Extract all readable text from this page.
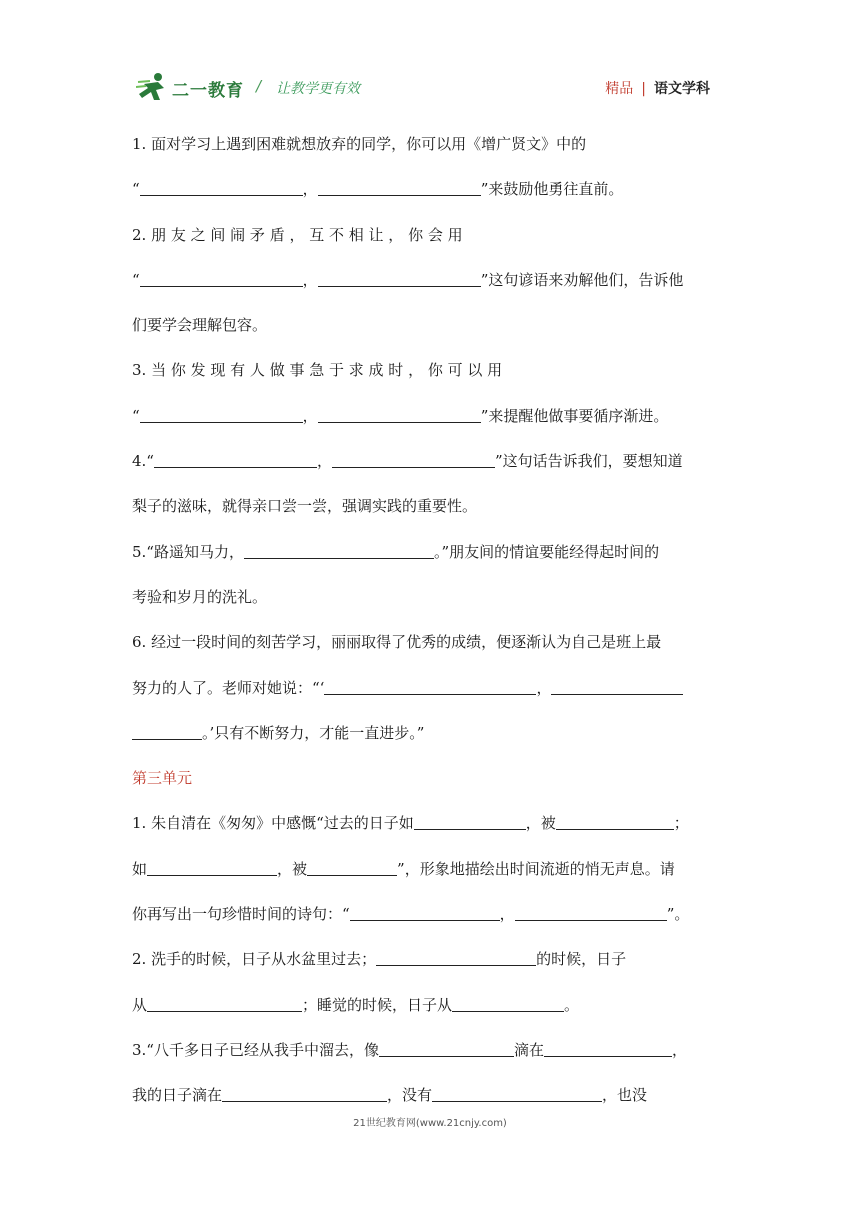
二一教育 / 让教学更有效	精品 | 语文学科
1. 面对学习上遇到困难就想放弃的同学，你可以用《增广贤文》中的
“	，	”来鼓励他勇往直前。
2. 朋 友 之 间 闹 矛 盾 ， 互 不 相 让 ， 你 会 用
“	，	”这句谚语来劝解他们，告诉他
们要学会理解包容。
3. 当 你 发 现 有 人 做 事 急 于 求 成 时 ， 你 可 以 用
“	，	”来提醒他做事要循序渐进。
4.“	，	”这句话告诉我们，要想知道
梨子的滋味，就得亲口尝一尝，强调实践的重要性。
5.“路遥知马力，	。”朋友间的情谊要能经得起时间的
考验和岁月的洗礼。
6. 经过一段时间的刻苦学习，丽丽取得了优秀的成绩，便逐渐认为自己是班上最
努力的人了。老师对她说：“‘	，
。’只有不断努力，才能一直进步。”
第三单元
1. 朱自清在《匆匆》中感慨“过去的日子如	，被	；
如	，被	”，形象地描绘出时间流逝的悄无声息。请
你再写出一句珍惜时间的诗句：“	，	”。
2. 洗手的时候，日子从水盆里过去；	的时候，日子
从	；睡觉的时候，日子从	。
3.“八千多日子已经从我手中溜去，像	滴在	，
我的日子滴在	，没有	，也没
21世纪教育网(www.21cnjy.com)
